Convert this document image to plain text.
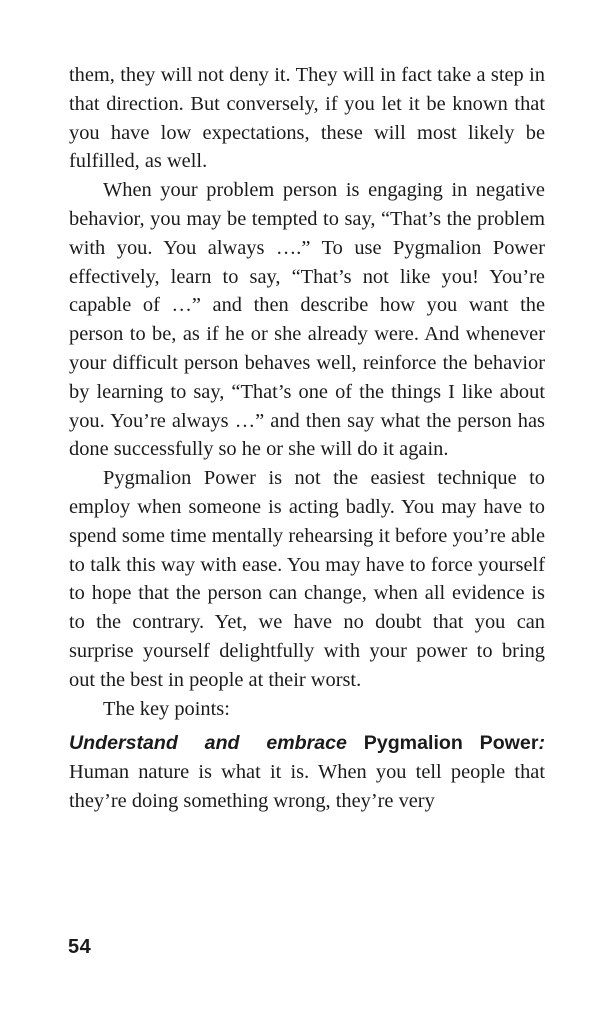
them, they will not deny it. They will in fact take a step in that direction. But conversely, if you let it be known that you have low expectations, these will most likely be fulfilled, as well.

When your problem person is engaging in negative behavior, you may be tempted to say, “That’s the problem with you. You always ….” To use Pygmalion Power effectively, learn to say, “That’s not like you! You’re capable of …” and then describe how you want the person to be, as if he or she already were. And whenever your difficult person behaves well, reinforce the behavior by learning to say, “That’s one of the things I like about you. You’re always …” and then say what the person has done successfully so he or she will do it again.

Pygmalion Power is not the easiest technique to employ when someone is acting badly. You may have to spend some time mentally rehearsing it before you’re able to talk this way with ease. You may have to force yourself to hope that the person can change, when all evidence is to the contrary. Yet, we have no doubt that you can surprise yourself delightfully with your power to bring out the best in people at their worst.

The key points:

Understand and embrace Pygmalion Power: Human nature is what it is. When you tell people that they’re doing something wrong, they’re very

54
